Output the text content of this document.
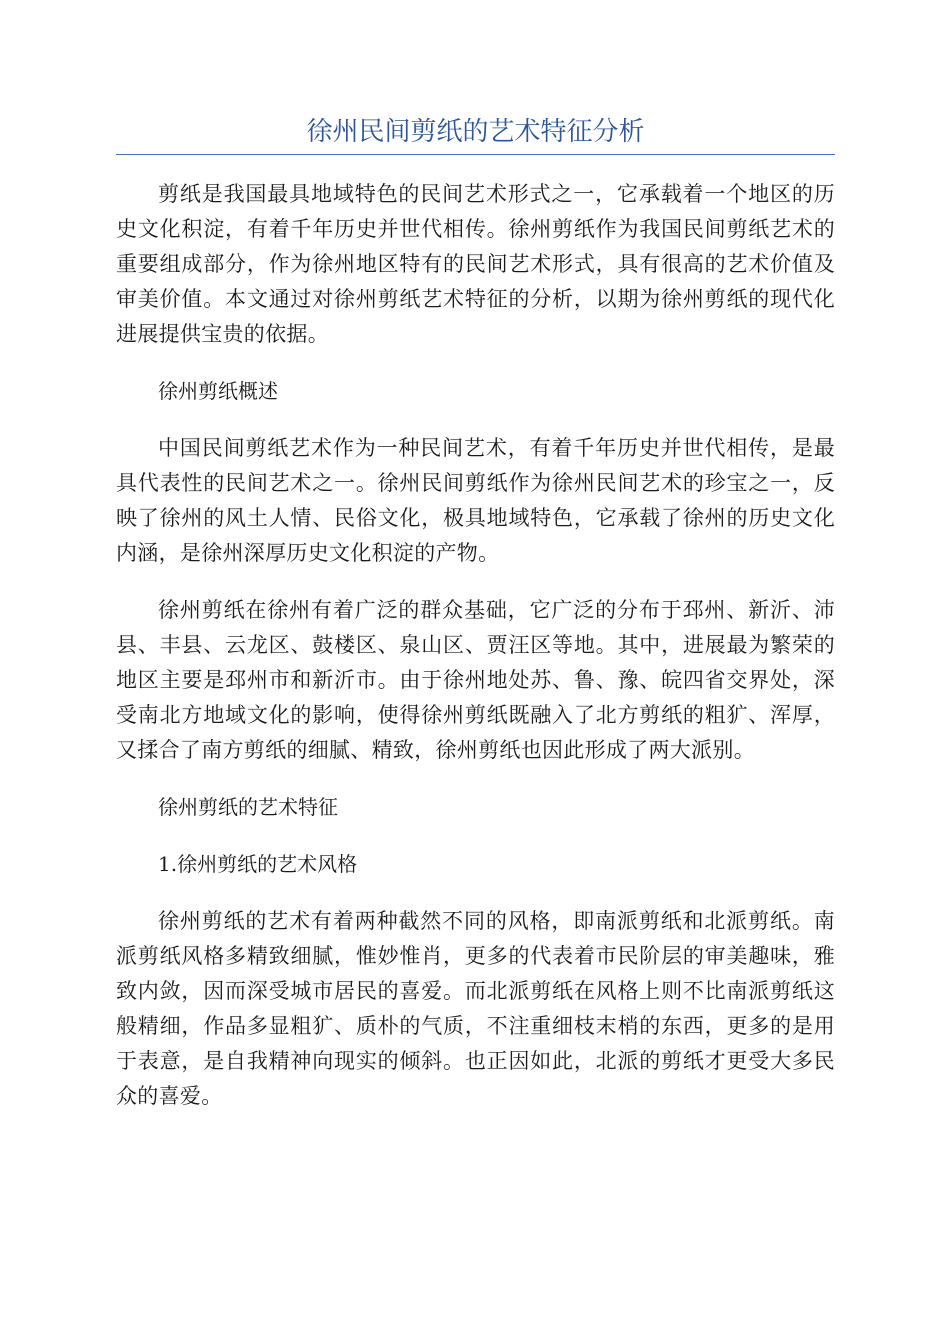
徐州民间剪纸的艺术特征分析

剪纸是我国最具地域特色的民间艺术形式之一，它承载着一个地区的历史文化积淀，有着千年历史并世代相传。徐州剪纸作为我国民间剪纸艺术的重要组成部分，作为徐州地区特有的民间艺术形式，具有很高的艺术价值及审美价值。本文通过对徐州剪纸艺术特征的分析，以期为徐州剪纸的现代化进展提供宝贵的依据。

徐州剪纸概述

中国民间剪纸艺术作为一种民间艺术，有着千年历史并世代相传，是最具代表性的民间艺术之一。徐州民间剪纸作为徐州民间艺术的珍宝之一，反映了徐州的风土人情、民俗文化，极具地域特色，它承载了徐州的历史文化内涵，是徐州深厚历史文化积淀的产物。

徐州剪纸在徐州有着广泛的群众基础，它广泛的分布于邳州、新沂、沛县、丰县、云龙区、鼓楼区、泉山区、贾汪区等地。其中，进展最为繁荣的地区主要是邳州市和新沂市。由于徐州地处苏、鲁、豫、皖四省交界处，深受南北方地域文化的影响，使得徐州剪纸既融入了北方剪纸的粗犷、浑厚，又揉合了南方剪纸的细腻、精致，徐州剪纸也因此形成了两大派别。

徐州剪纸的艺术特征

1.徐州剪纸的艺术风格

徐州剪纸的艺术有着两种截然不同的风格，即南派剪纸和北派剪纸。南派剪纸风格多精致细腻，惟妙惟肖，更多的代表着市民阶层的审美趣味，雅致内敛，因而深受城市居民的喜爱。而北派剪纸在风格上则不比南派剪纸这般精细，作品多显粗犷、质朴的气质，不注重细枝末梢的东西，更多的是用于表意，是自我精神向现实的倾斜。也正因如此，北派的剪纸才更受大多民众的喜爱。
